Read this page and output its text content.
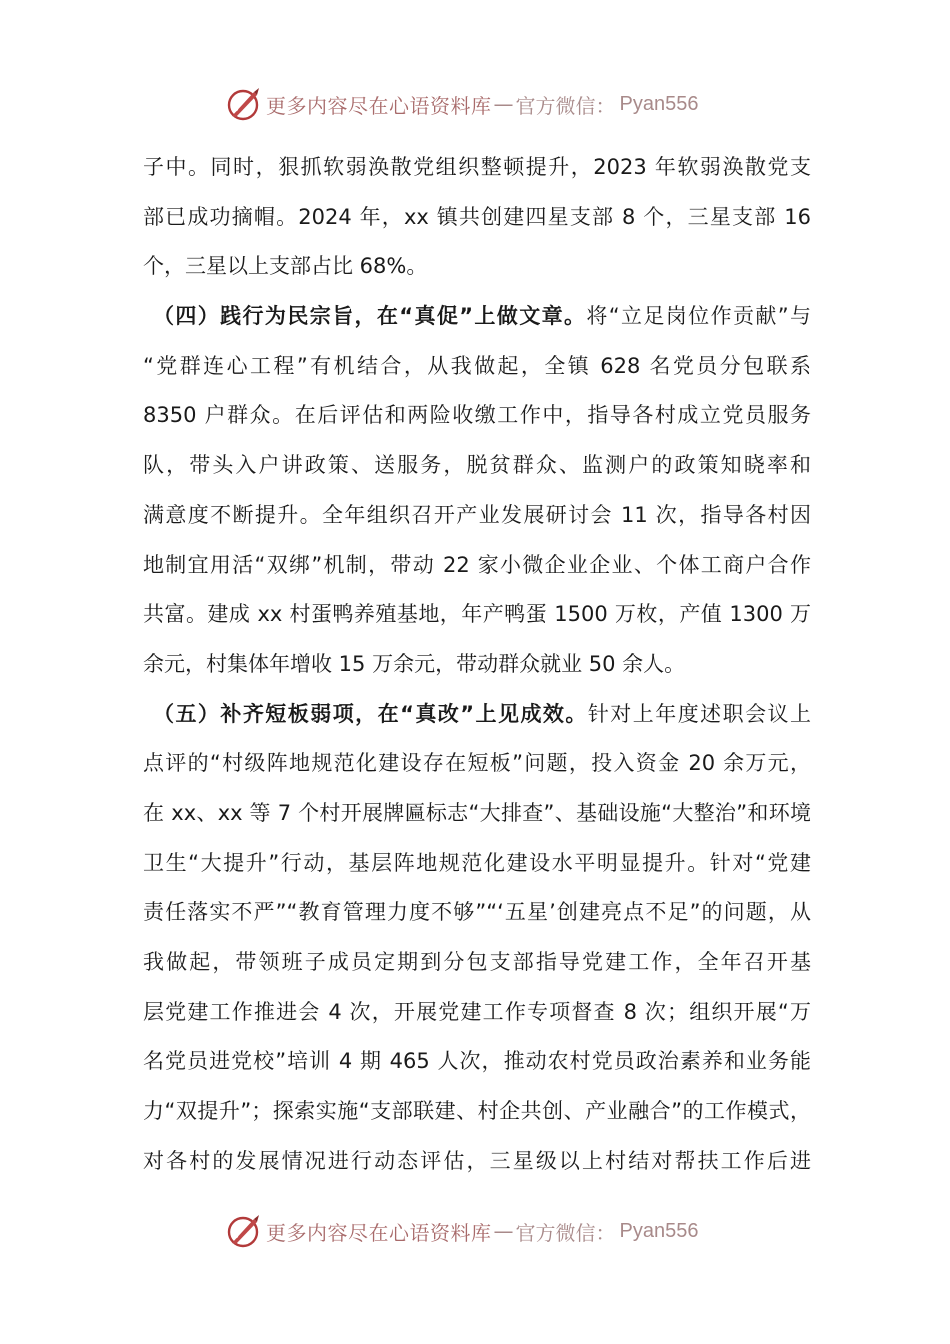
更多内容尽在心语资料库 — 官方微信： Pyan556
子中。同时，狠抓软弱涣散党组织整顿提升，2023 年软弱涣散党支
部已成功摘帽。2024 年，xx 镇共创建四星支部 8 个，三星支部 16
个，三星以上支部占比 68%。
（四）践行为民宗旨，在“真促”上做文章。将“立足岗位作贡献”与
“党群连心工程”有机结合，从我做起，全镇 628 名党员分包联系
8350 户群众。在后评估和两险收缴工作中，指导各村成立党员服务
队，带头入户讲政策、送服务，脱贫群众、监测户的政策知晓率和
满意度不断提升。全年组织召开产业发展研讨会 11 次，指导各村因
地制宜用活“双绑”机制，带动 22 家小微企业企业、个体工商户合作
共富。建成 xx 村蛋鸭养殖基地，年产鸭蛋 1500 万枚，产值 1300 万
余元，村集体年增收 15 万余元，带动群众就业 50 余人。
（五）补齐短板弱项，在“真改”上见成效。针对上年度述职会议上
点评的“村级阵地规范化建设存在短板”问题，投入资金 20 余万元，
在 xx、xx 等 7 个村开展牌匾标志“大排查”、基础设施“大整治”和环境
卫生“大提升”行动，基层阵地规范化建设水平明显提升。针对“党建
责任落实不严”“教育管理力度不够”“‘五星’创建亮点不足”的问题，从
我做起，带领班子成员定期到分包支部指导党建工作，全年召开基
层党建工作推进会 4 次，开展党建工作专项督查 8 次；组织开展“万
名党员进党校”培训 4 期 465 人次，推动农村党员政治素养和业务能
力“双提升”；探索实施“支部联建、村企共创、产业融合”的工作模式，
对各村的发展情况进行动态评估，三星级以上村结对帮扶工作后进
更多内容尽在心语资料库 — 官方微信： Pyan556
